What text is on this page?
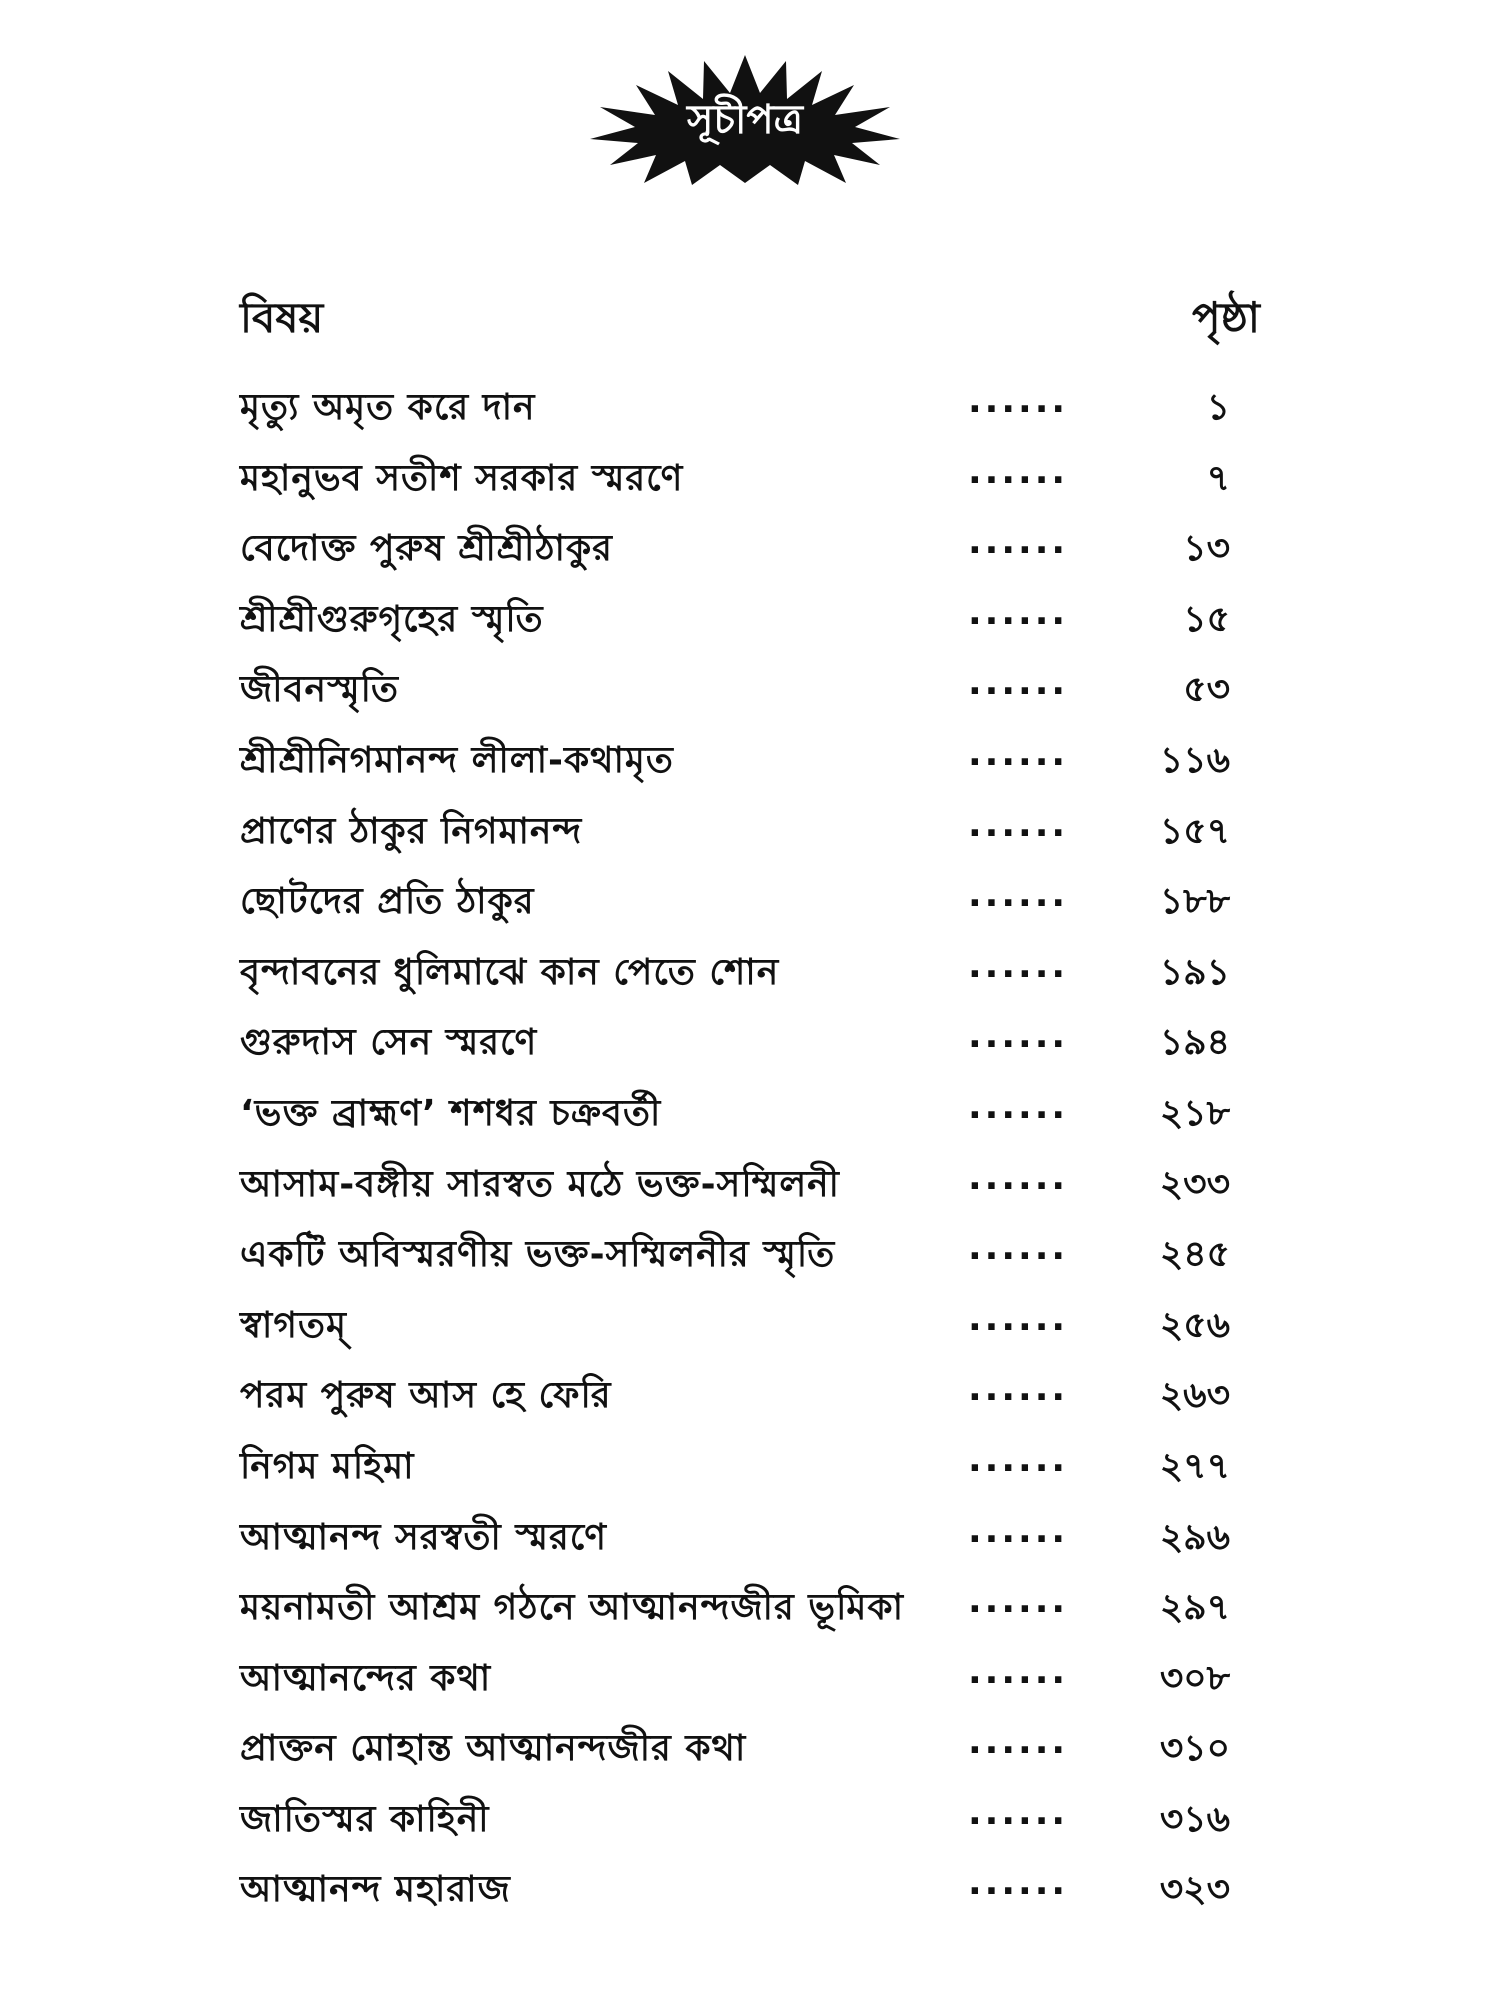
সূচীপত্র
বিষয়	পৃষ্ঠা
মৃত্যু অমৃত করে দান	......	১
মহানুভব সতীশ সরকার স্মরণে	......	৭
বেদোক্ত পুরুষ শ্রীশ্রীঠাকুর	......	১৩
শ্রীশ্রীগুরুগৃহের স্মৃতি	......	১৫
জীবনস্মৃতি	......	৫৩
শ্রীশ্রীনিগমানন্দ লীলা-কথামৃত	......	১১৬
প্রাণের ঠাকুর নিগমানন্দ	......	১৫৭
ছোটদের প্রতি ঠাকুর	......	১৮৮
বৃন্দাবনের ধুলিমাঝে কান পেতে শোন	......	১৯১
গুরুদাস সেন স্মরণে	......	১৯৪
‘ভক্ত ব্রাহ্মণ’ শশধর চক্রবর্তী	......	২১৮
আসাম-বঙ্গীয় সারস্বত মঠে ভক্ত-সম্মিলনী	......	২৩৩
একটি অবিস্মরণীয় ভক্ত-সম্মিলনীর স্মৃতি	......	২৪৫
স্বাগতম্	......	২৫৬
পরম পুরুষ আস হে ফেরি	......	২৬৩
নিগম মহিমা	......	২৭৭
আত্মানন্দ সরস্বতী স্মরণে	......	২৯৬
ময়নামতী আশ্রম গঠনে আত্মানন্দজীর ভূমিকা ......	২৯৭
আত্মানন্দের কথা	......	৩০৮
প্রাক্তন মোহান্ত আত্মানন্দজীর কথা	......	৩১০
জাতিস্মর কাহিনী	......	৩১৬
আত্মানন্দ মহারাজ	......	৩২৩
